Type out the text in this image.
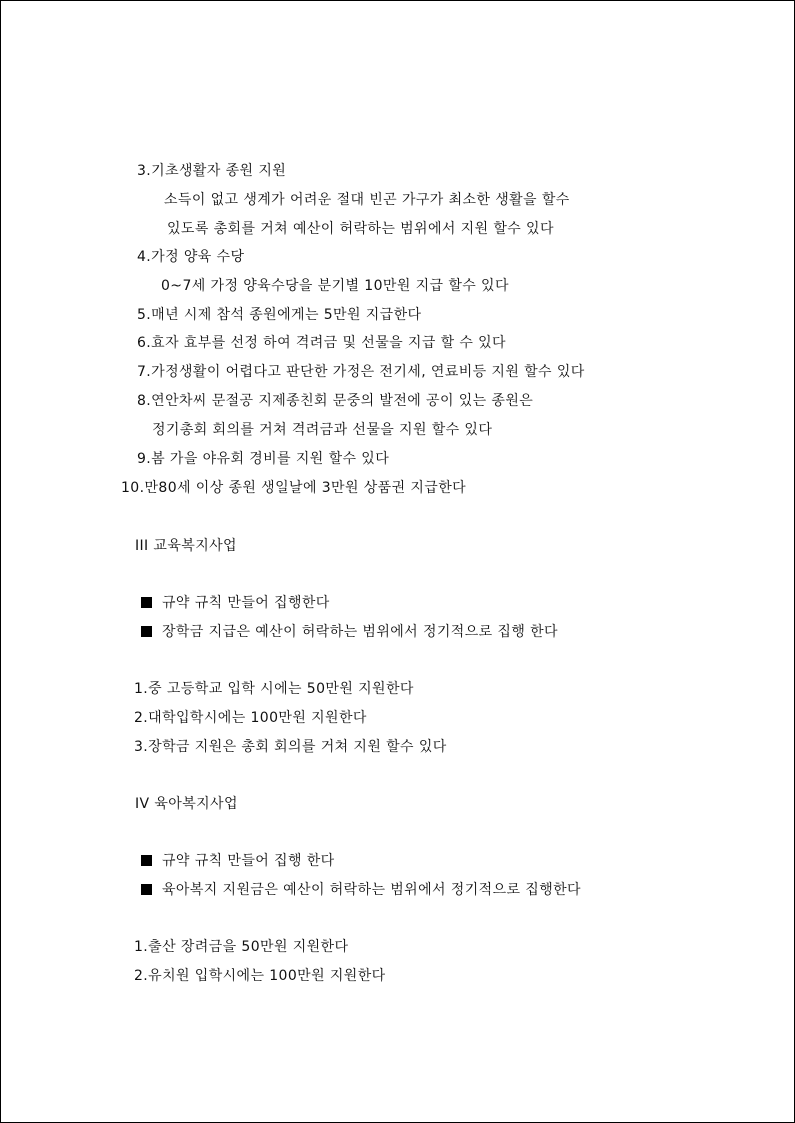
3.기초생활자 종원 지원
소득이 없고 생계가 어려운 절대 빈곤 가구가 최소한 생활을 할수
있도록 총회를 거쳐 예산이 허락하는 범위에서 지원 할수 있다
4.가정 양육 수당
0~7세 가정 양육수당을 분기별 10만원 지급 할수 있다
5.매년 시제 참석 종원에게는 5만원 지급한다
6.효자 효부를 선정 하여 격려금 및 선물을 지급 할 수 있다
7.가정생활이 어렵다고 판단한 가정은 전기세, 연료비등 지원 할수 있다
8.연안차씨 문절공 지제종친회 문중의 발전에 공이 있는 종원은
정기총회 회의를 거쳐 격려금과 선물을 지원 할수 있다
9.봄 가을 야유회 경비를 지원 할수 있다
10.만80세 이상 종원 생일날에 3만원 상품권 지급한다
III 교육복지사업
규약 규칙 만들어 집행한다
장학금 지급은 예산이 허락하는 범위에서 정기적으로 집행 한다
1.중 고등학교 입학 시에는 50만원 지원한다
2.대학입학시에는 100만원 지원한다
3.장학금 지원은 총회 회의를 거쳐 지원 할수 있다
IV 육아복지사업
규약 규칙 만들어 집행 한다
육아복지 지원금은 예산이 허락하는 범위에서 정기적으로 집행한다
1.출산 장려금을 50만원 지원한다
2.유치원 입학시에는 100만원 지원한다
